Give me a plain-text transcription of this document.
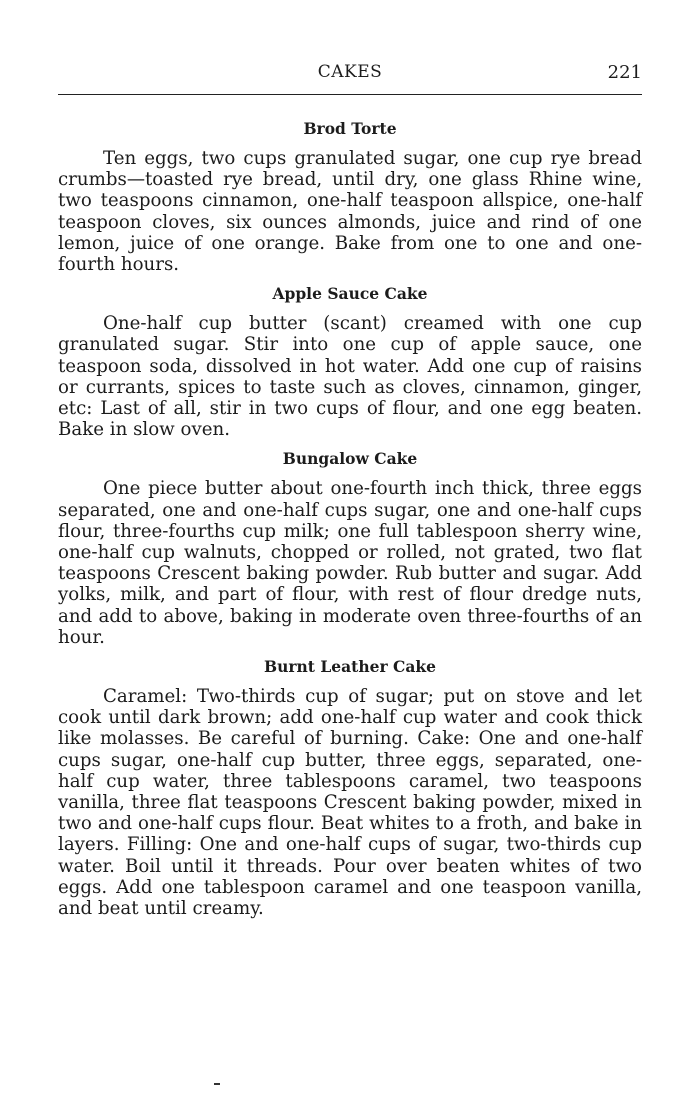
CAKES	221
Brod Torte

Ten eggs, two cups granulated sugar, one cup rye bread crumbs—toasted rye bread, until dry, one glass Rhine wine, two teaspoons cinnamon, one-half teaspoon allspice, one-half teaspoon cloves, six ounces almonds, juice and rind of one lemon, juice of one orange. Bake from one to one and one-fourth hours.

Apple Sauce Cake

One-half cup butter (scant) creamed with one cup granulated sugar. Stir into one cup of apple sauce, one teaspoon soda, dissolved in hot water. Add one cup of raisins or currants, spices to taste such as cloves, cinnamon, ginger, etc: Last of all, stir in two cups of flour, and one egg beaten. Bake in slow oven.

Bungalow Cake

One piece butter about one-fourth inch thick, three eggs separated, one and one-half cups sugar, one and one-half cups flour, three-fourths cup milk; one full tablespoon sherry wine, one-half cup walnuts, chopped or rolled, not grated, two flat teaspoons Crescent baking powder. Rub butter and sugar. Add yolks, milk, and part of flour, with rest of flour dredge nuts, and add to above, baking in moderate oven three-fourths of an hour.

Burnt Leather Cake

Caramel: Two-thirds cup of sugar; put on stove and let cook until dark brown; add one-half cup water and cook thick like molasses. Be careful of burning. Cake: One and one-half cups sugar, one-half cup butter, three eggs, separated, one-half cup water, three tablespoons caramel, two teaspoons vanilla, three flat teaspoons Crescent baking powder, mixed in two and one-half cups flour. Beat whites to a froth, and bake in layers. Filling: One and one-half cups of sugar, two-thirds cup water. Boil until it threads. Pour over beaten whites of two eggs. Add one tablespoon caramel and one teaspoon vanilla, and beat until creamy.
